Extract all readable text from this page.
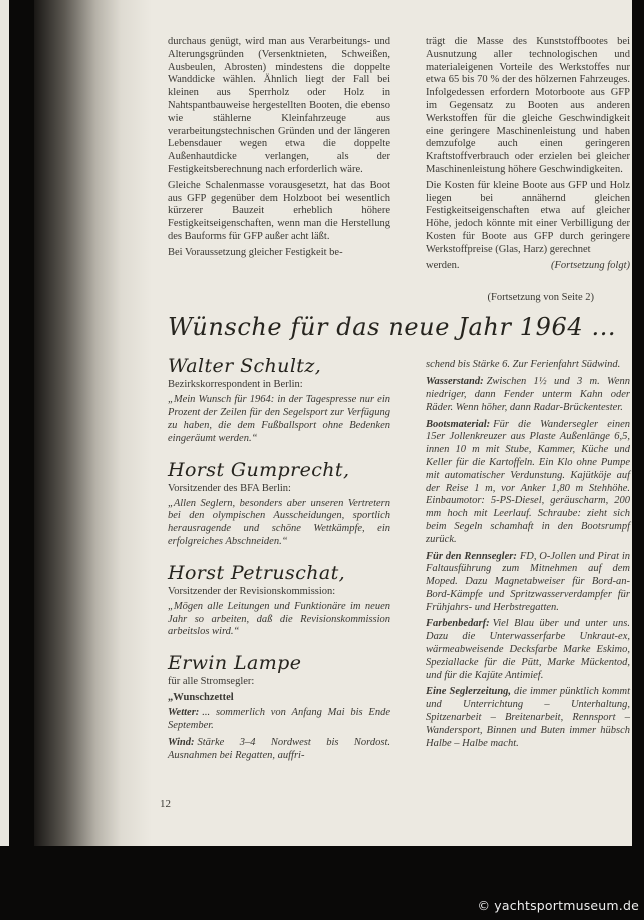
durchaus genügt, wird man aus Verarbeitungs- und Alterungsgründen (Versenktnieten, Schweißen, Ausbeulen, Abrosten) mindestens die doppelte Wanddicke wählen. Ähnlich liegt der Fall bei kleinen aus Sperrholz oder Holz in Nahtspantbauweise hergestellten Booten, die ebenso wie stählerne Kleinfahrzeuge aus verarbeitungstechnischen Gründen und der längeren Lebensdauer wegen etwa die doppelte Außenhautdicke verlangen, als der Festigkeitsberechnung nach erforderlich wäre.

Gleiche Schalenmasse vorausgesetzt, hat das Boot aus GFP gegenüber dem Holzboot bei wesentlich kürzerer Bauzeit erheblich höhere Festigkeitseigenschaften, wenn man die Herstellung des Bauforms für GFP außer acht läßt.

Bei Voraussetzung gleicher Festigkeit be-

trägt die Masse des Kunststoffbootes bei Ausnutzung aller technologischen und materialeigenen Vorteile des Werkstoffes nur etwa 65 bis 70 % der des hölzernen Fahrzeuges. Infolgedessen erfordern Motorboote aus GFP im Gegensatz zu Booten aus anderen Werkstoffen für die gleiche Geschwindigkeit eine geringere Maschinenleistung und haben demzufolge auch einen geringeren Kraftstoffverbrauch oder erzielen bei gleicher Maschinenleistung höhere Geschwindigkeiten.

Die Kosten für kleine Boote aus GFP und Holz liegen bei annähernd gleichen Festigkeitseigenschaften etwa auf gleicher Höhe, jedoch könnte mit einer Verbilligung der Kosten für Boote aus GFP durch geringere Werkstoffpreise (Glas, Harz) gerechnet

werden.	(Fortsetzung folgt)

(Fortsetzung von Seite 2)
Wünsche für das neue Jahr 1964 ...
Walter Schultz,
Bezirkskorrespondent in Berlin:

„Mein Wunsch für 1964: in der Tagespresse nur ein Prozent der Zeilen für den Segelsport zur Verfügung zu haben, die dem Fußballsport ohne Bedenken eingeräumt werden.“

Horst Gumprecht,
Vorsitzender des BFA Berlin:

„Allen Seglern, besonders aber unseren Vertretern bei den olympischen Ausscheidungen, sportlich herausragende und schöne Wettkämpfe, ein erfolgreiches Abschneiden.“

Horst Petruschat,
Vorsitzender der Revisionskommission:

„Mögen alle Leitungen und Funktionäre im neuen Jahr so arbeiten, daß die Revisionskommission arbeitslos wird.“

Erwin Lampe
für alle Stromsegler:
„Wunschzettel

Wetter: ... sommerlich von Anfang Mai bis Ende September.

Wind: Stärke 3–4 Nordwest bis Nordost. Ausnahmen bei Regatten, auffri-

schend bis Stärke 6. Zur Ferienfahrt Südwind.

Wasserstand: Zwischen 1½ und 3 m. Wenn niedriger, dann Fender unterm Kahn oder Räder. Wenn höher, dann Radar-Brückentester.

Bootsmaterial: Für die Wandersegler einen 15er Jollenkreuzer aus Plaste Außenlänge 6,5, innen 10 m mit Stube, Kammer, Küche und Keller für die Kartoffeln. Ein Klo ohne Pumpe mit automatischer Verdunstung. Kajütköje auf der Reise 1 m, vor Anker 1,80 m Stehhöhe. Einbaumotor: 5-PS-Diesel, geräuscharm, 200 mm hoch mit Leerlauf. Schraube: zieht sich beim Segeln schamhaft in den Bootsrumpf zurück.

Für den Rennsegler: FD, O-Jollen und Pirat in Faltausführung zum Mitnehmen auf dem Moped. Dazu Magnetabweiser für Bord-an-Bord-Kämpfe und Spritzwasserverdampfer für Frühjahrs- und Herbstregatten.

Farbenbedarf: Viel Blau über und unter uns. Dazu die Unterwasserfarbe Unkraut-ex, wärmeabweisende Decksfarbe Marke Eskimo, Speziallacke für die Pütt, Marke Mückentod, und für die Kajüte Antimief.

Eine Seglerzeitung, die immer pünktlich kommt und Unterrichtung – Unterhaltung, Spitzenarbeit – Breitenarbeit, Rennsport – Wandersport, Binnen und Buten immer hübsch Halbe – Halbe macht.

12
© yachtsportmuseum.de
